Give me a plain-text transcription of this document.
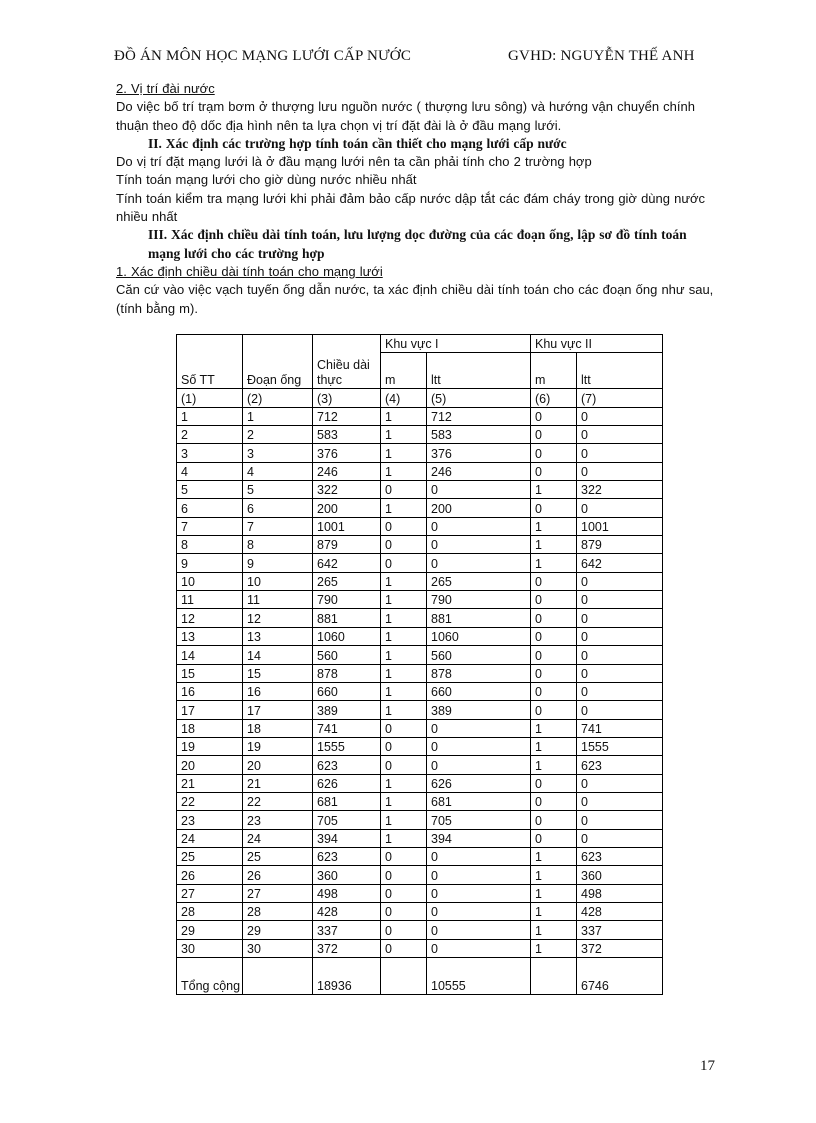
ĐỒ ÁN MÔN HỌC MẠNG LƯỚI CẤP NƯỚC	GVHD: NGUYỄN THẾ ANH

2. Vị trí đài nước

Do việc bố trí trạm bơm ở thượng lưu nguồn nước ( thượng lưu sông) và hướng vận chuyển chính thuận theo độ dốc địa hình nên ta lựa chọn vị trí đặt đài là ở đầu mạng lưới.

II. Xác định các trường hợp tính toán cần thiết cho mạng lưới cấp nước

Do vị trí đặt mạng lưới là ở đầu mạng lưới nên ta cần phải tính cho 2 trường hợp

Tính toán mạng lưới cho giờ dùng nước nhiều nhất

Tính toán kiểm tra mạng lưới khi phải đảm bảo cấp nước dập tắt các đám cháy trong giờ dùng nước nhiều nhất

III. Xác định chiều dài tính toán, lưu lượng dọc đường của các đoạn ống, lập sơ đồ tính toán mạng lưới cho các trường hợp

1. Xác định chiều dài tính toán cho mạng lưới

Căn cứ vào việc vạch tuyến ống dẫn nước, ta xác định chiều dài tính toán cho các đoạn ống như sau, (tính bằng m).

Số TT	Đoạn ống	Chiều dài thực	Khu vực I		Khu vực II	
			m	ltt	m	ltt
(1)	(2)	(3)	(4)	(5)	(6)	(7)
1	1	712	1	712	0	0
2	2	583	1	583	0	0
3	3	376	1	376	0	0
4	4	246	1	246	0	0
5	5	322	0	0	1	322
6	6	200	1	200	0	0
7	7	1001	0	0	1	1001
8	8	879	0	0	1	879
9	9	642	0	0	1	642
10	10	265	1	265	0	0
11	11	790	1	790	0	0
12	12	881	1	881	0	0
13	13	1060	1	1060	0	0
14	14	560	1	560	0	0
15	15	878	1	878	0	0
16	16	660	1	660	0	0
17	17	389	1	389	0	0
18	18	741	0	0	1	741
19	19	1555	0	0	1	1555
20	20	623	0	0	1	623
21	21	626	1	626	0	0
22	22	681	1	681	0	0
23	23	705	1	705	0	0
24	24	394	1	394	0	0
25	25	623	0	0	1	623
26	26	360	0	0	1	360
27	27	498	0	0	1	498
28	28	428	0	0	1	428
29	29	337	0	0	1	337
30	30	372	0	0	1	372
Tổng cộng		18936		10555		6746
17
